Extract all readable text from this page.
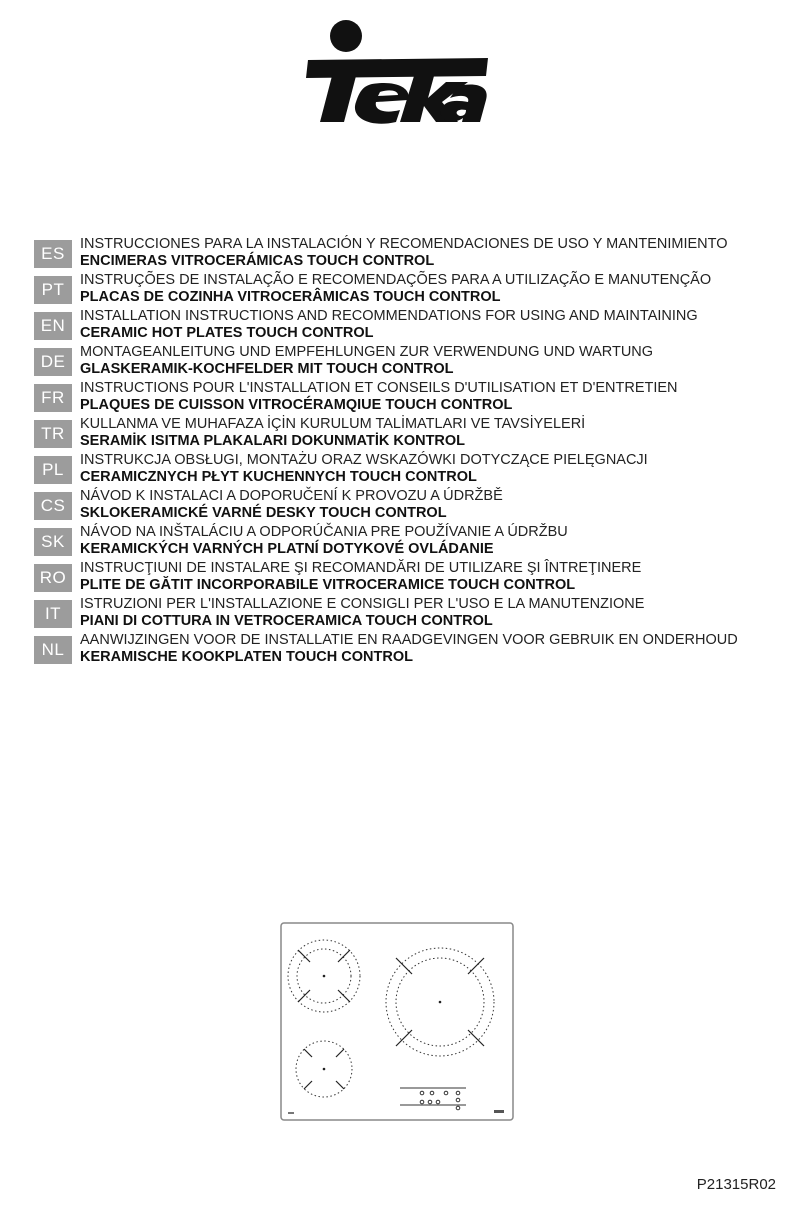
ES	INSTRUCCIONES PARA LA INSTALACIÓN Y RECOMENDACIONES DE USO Y MANTENIMIENTO
ENCIMERAS VITROCERÁMICAS TOUCH CONTROL
PT	INSTRUÇÕES DE INSTALAÇÃO E RECOMENDAÇÕES PARA A UTILIZAÇÃO E MANUTENÇÃO
PLACAS DE COZINHA VITROCERÂMICAS TOUCH CONTROL
EN	INSTALLATION INSTRUCTIONS AND RECOMMENDATIONS FOR USING AND MAINTAINING
CERAMIC HOT PLATES TOUCH CONTROL
DE	MONTAGEANLEITUNG UND EMPFEHLUNGEN ZUR VERWENDUNG UND WARTUNG
GLASKERAMIK-KOCHFELDER MIT TOUCH CONTROL
FR	INSTRUCTIONS POUR L'INSTALLATION ET CONSEILS D'UTILISATION ET D'ENTRETIEN
PLAQUES DE CUISSON VITROCÉRAMQIUE TOUCH CONTROL
TR	KULLANMA VE MUHAFAZA İÇİN KURULUM TALİMATLARI VE TAVSİYELERİ
SERAMİK ISITMA PLAKALARI DOKUNMATİK KONTROL
PL	INSTRUKCJA OBSŁUGI, MONTAŻU ORAZ WSKAZÓWKI DOTYCZĄCE PIELĘGNACJI
CERAMICZNYCH PŁYT KUCHENNYCH TOUCH CONTROL
CS	NÁVOD K INSTALACI A DOPORUČENÍ K PROVOZU A ÚDRŽBĚ
SKLOKERAMICKÉ VARNÉ DESKY TOUCH CONTROL
SK	NÁVOD NA INŠTALÁCIU A ODPORÚČANIA PRE POUŽÍVANIE A ÚDRŽBU
KERAMICKÝCH VARNÝCH PLATNÍ DOTYKOVÉ OVLÁDANIE
RO INSTRUCŢIUNI DE INSTALARE ŞI RECOMANDĂRI DE UTILIZARE ŞI ÎNTREŢINERE
PLITE DE GĂTIT INCORPORABILE VITROCERAMICE TOUCH CONTROL
IT	ISTRUZIONI PER L'INSTALLAZIONE E CONSIGLI PER L'USO E LA MANUTENZIONE
PIANI DI COTTURA IN VETROCERAMICA TOUCH CONTROL
NL	AANWIJZINGEN VOOR DE INSTALLATIE EN RAADGEVINGEN VOOR GEBRUIK EN ONDERHOUD
KERAMISCHE KOOKPLATEN TOUCH CONTROL
P21315R02
